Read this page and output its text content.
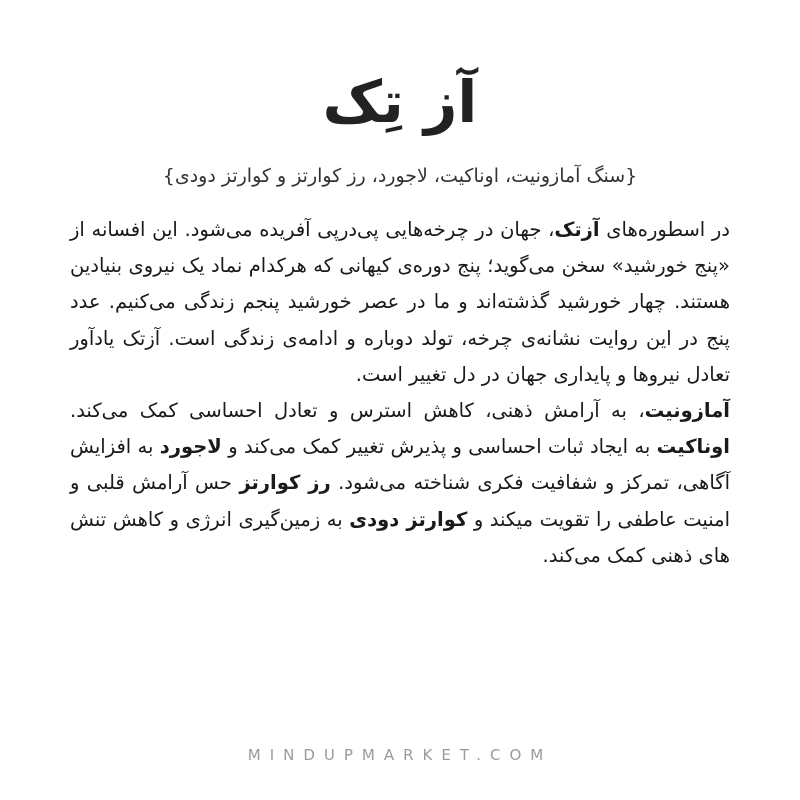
آز تِک
{سنگ آمازونیت، اوناکیت، لاجورد، رز کوارتز و کوارتز دودی}

در اسطوره‌های آزتک، جهان در چرخه‌هایی پی‌درپی آفریده می‌شود. این افسانه از «پنج خورشید» سخن می‌گوید؛ پنج دوره‌ی کیهانی که هرکدام نماد یک نیروی بنیادین هستند. چهار خورشید گذشته‌اند و ما در عصر خورشید پنجم زندگی می‌کنیم. عدد پنج در این روایت نشانه‌ی چرخه، تولد دوباره و ادامه‌ی زندگی است. آزتک یادآور تعادل نیروها و پایداری جهان در دل تغییر است.

آمازونیت، به آرامش ذهنی، کاهش استرس و تعادل احساسی کمک می‌کند. اوناکیت به ایجاد ثبات احساسی و پذیرش تغییر کمک می‌کند و لاجورد به افزایش آگاهی، تمرکز و شفافیت فکری شناخته می‌شود. رز کوارتز حس آرامش قلبی و امنیت عاطفی را تقویت میکند و کوارتز دودی به زمین‌گیری انرژی و کاهش تنش های ذهنی کمک می‌کند.

MINDUPMARKET.COM
